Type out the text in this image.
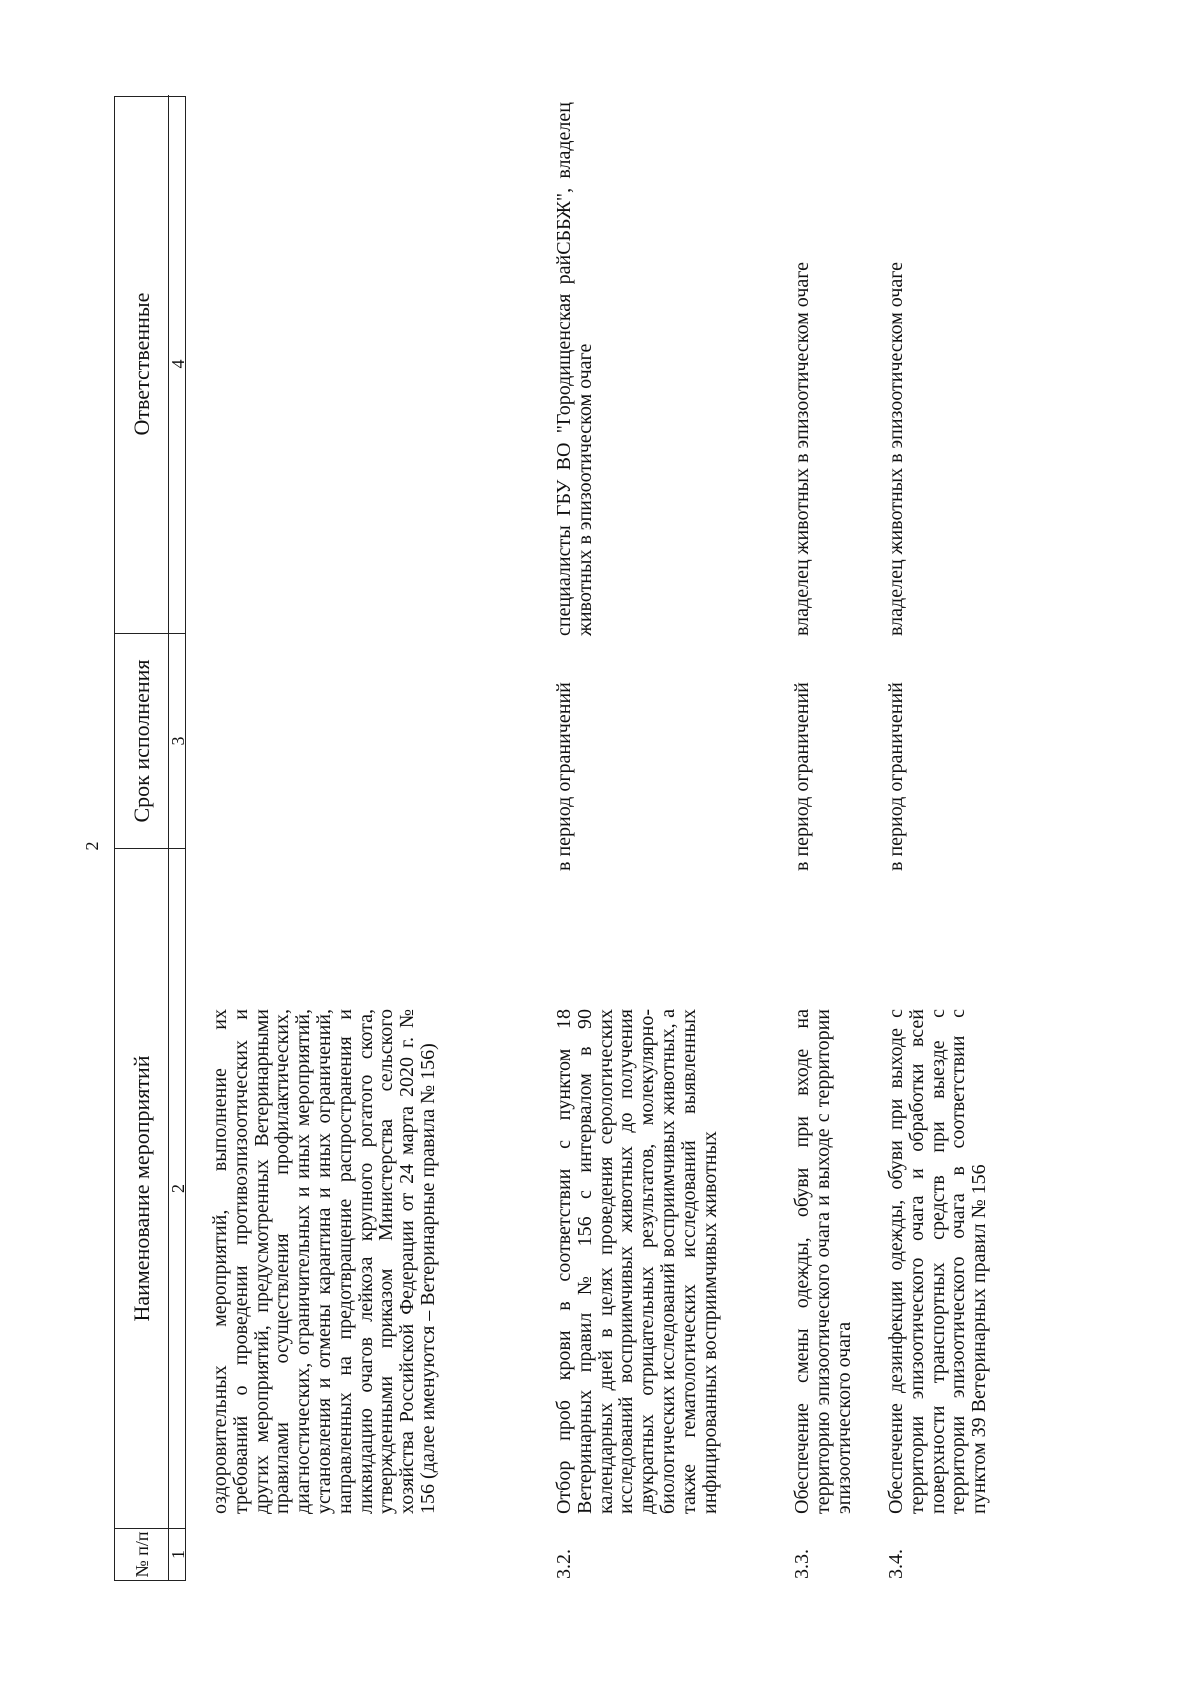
2
№ п/п 1
Наименование мероприятий 2
Срок исполнения 3
Ответственные 4
оздоровительных мероприятий, выполнение их требований о проведении противоэпизоотических и других мероприятий, предусмотренных Ветеринарными правилами осуществления профилактических, диагностических, ограничительных и иных мероприятий, установления и отмены карантина и иных ограничений, направленных на предотвращение распространения и ликвидацию очагов лейкоза крупного рогатого скота, утвержденными приказом Министерства сельского хозяйства Российской Федерации от 24 марта 2020 г. № 156 (далее именуются – Ветеринарные правила № 156)
3.2.
Отбор проб крови в соответствии с пунктом 18 Ветеринарных правил № 156 с интервалом в 90 календарных дней в целях проведения серологических исследований восприимчивых животных до получения двукратных отрицательных результатов, молекулярно-биологических исследований восприимчивых животных, а также гематологических исследований выявленных инфицированных восприимчивых животных
в период ограничений
специалисты ГБУ ВО "Городищенская райСББЖ", владелец животных в эпизоотическом очаге
3.3.
Обеспечение смены одежды, обуви при входе на территорию эпизоотического очага и выходе с территории эпизоотического очага
в период ограничений
владелец животных в эпизоотическом очаге
3.4.
Обеспечение дезинфекции одежды, обуви при выходе с территории эпизоотического очага и обработки всей поверхности транспортных средств при выезде с территории эпизоотического очага в соответствии с пунктом 39 Ветеринарных правил № 156
в период ограничений
владелец животных в эпизоотическом очаге
